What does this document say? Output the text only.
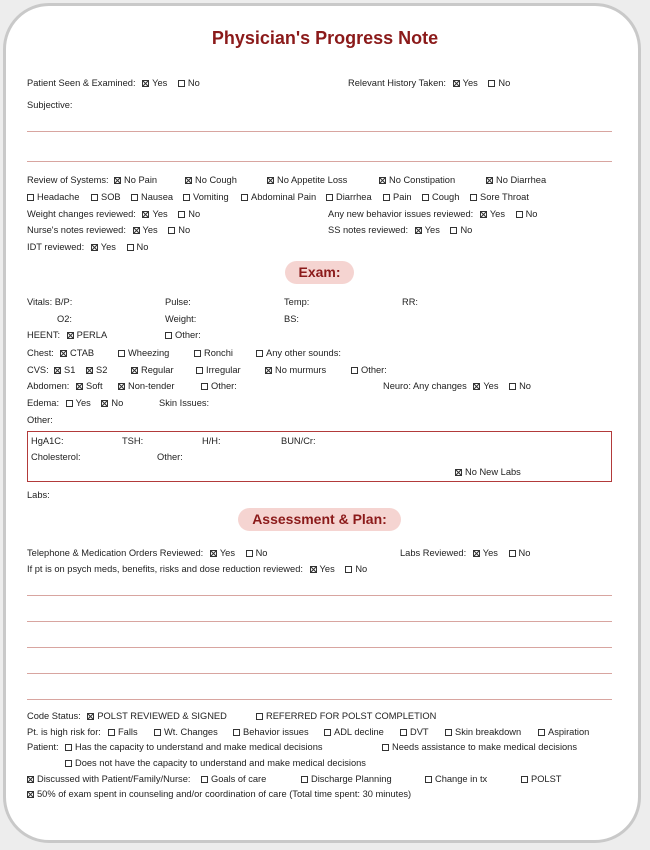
Physician's Progress Note
Patient Seen & Examined: Yes No	Relevant History Taken: Yes No
Subjective:
Review of Systems:	No Pain	No Cough	No Appetite Loss	No Constipation	No Diarrhea
Headache	SOB	Nausea	Vomiting	Abdominal Pain	Diarrhea	Pain	Cough	Sore Throat
Weight changes reviewed: Yes No	Any new behavior issues reviewed: Yes No
Nurse's notes reviewed: Yes No	SS notes reviewed: Yes No
IDT reviewed: Yes No
Exam:
Vitals: B/P:	Pulse:	Temp:	RR:
O2:	Weight:	BS:
HEENT: PERLA	Other:
Chest:	CTAB	Wheezing	Ronchi	Any other sounds:
CVS:	S1	S2	Regular	Irregular	No murmurs	Other:
Abdomen:	Soft	Non-tender	Other:	Neuro: Any changes Yes No
Edema: Yes No	Skin Issues:
Other:
HgA1C:	TSH:	H/H:	BUN/Cr:
Cholesterol:	Other:
No New Labs
Labs:
Assessment & Plan:
Telephone & Medication Orders Reviewed: Yes No	Labs Reviewed: Yes No
If pt is on psych meds, benefits, risks and dose reduction reviewed: Yes No
Code Status: POLST REVIEWED & SIGNED	REFERRED FOR POLST COMPLETION
Pt. is high risk for:	Falls	Wt. Changes	Behavior issues	ADL decline	DVT	Skin breakdown	Aspiration
Patient:	Has the capacity to understand and make medical decisions	Needs assistance to make medical decisions
Does not have the capacity to understand and make medical decisions
Discussed with Patient/Family/Nurse:	Goals of care	Discharge Planning	Change in tx	POLST
50% of exam spent in counseling and/or coordination of care (Total time spent: 30 minutes)
